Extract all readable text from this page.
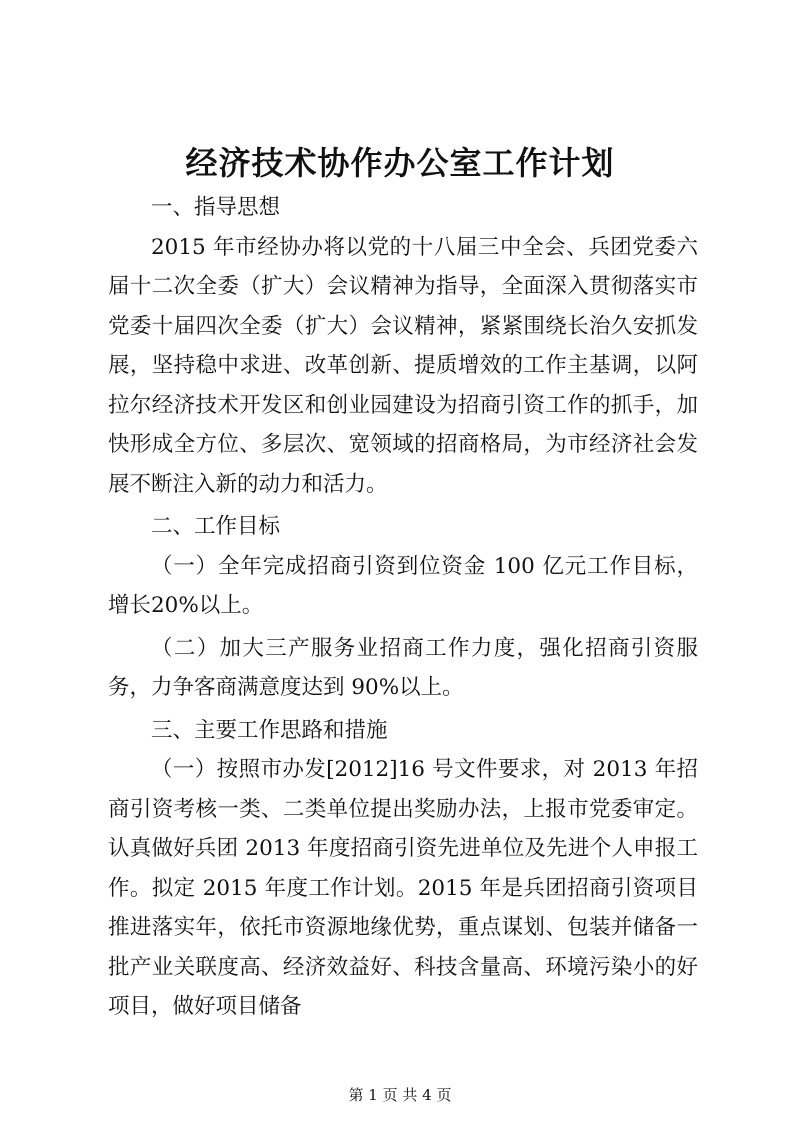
经济技术协作办公室工作计划

一、指导思想

2015 年市经协办将以党的十八届三中全会、兵团党委六届十二次全委（扩大）会议精神为指导，全面深入贯彻落实市党委十届四次全委（扩大）会议精神，紧紧围绕长治久安抓发展，坚持稳中求进、改革创新、提质增效的工作主基调，以阿拉尔经济技术开发区和创业园建设为招商引资工作的抓手，加快形成全方位、多层次、宽领域的招商格局，为市经济社会发展不断注入新的动力和活力。

二、工作目标

（一）全年完成招商引资到位资金 100 亿元工作目标，增长20%以上。

（二）加大三产服务业招商工作力度，强化招商引资服务，力争客商满意度达到 90%以上。

三、主要工作思路和措施

（一）按照市办发[2012]16 号文件要求，对 2013 年招商引资考核一类、二类单位提出奖励办法，上报市党委审定。认真做好兵团 2013 年度招商引资先进单位及先进个人申报工作。拟定 2015 年度工作计划。2015 年是兵团招商引资项目推进落实年，依托市资源地缘优势，重点谋划、包装并储备一批产业关联度高、经济效益好、科技含量高、环境污染小的好项目，做好项目储备

第 1 页 共 4 页
